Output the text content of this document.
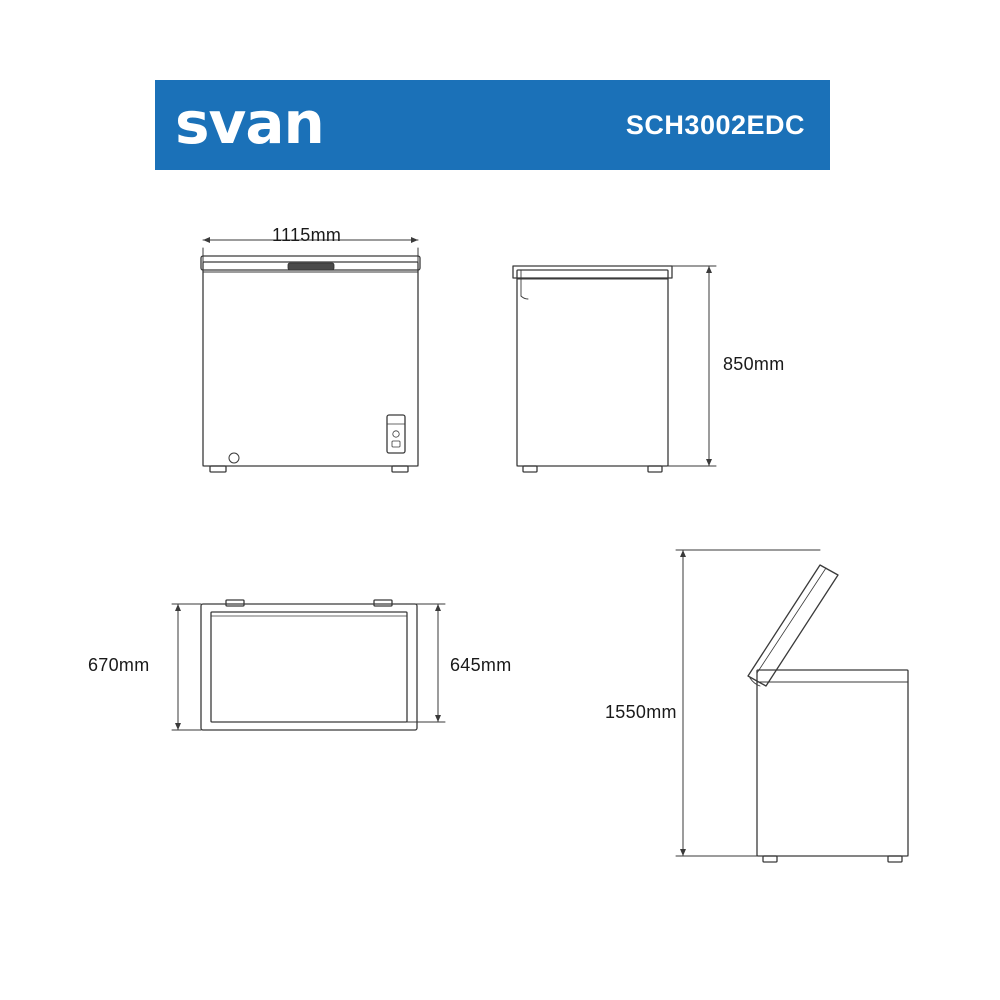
svan	SCH3002EDC
1115mm
850mm
670mm	645mm
1550mm
